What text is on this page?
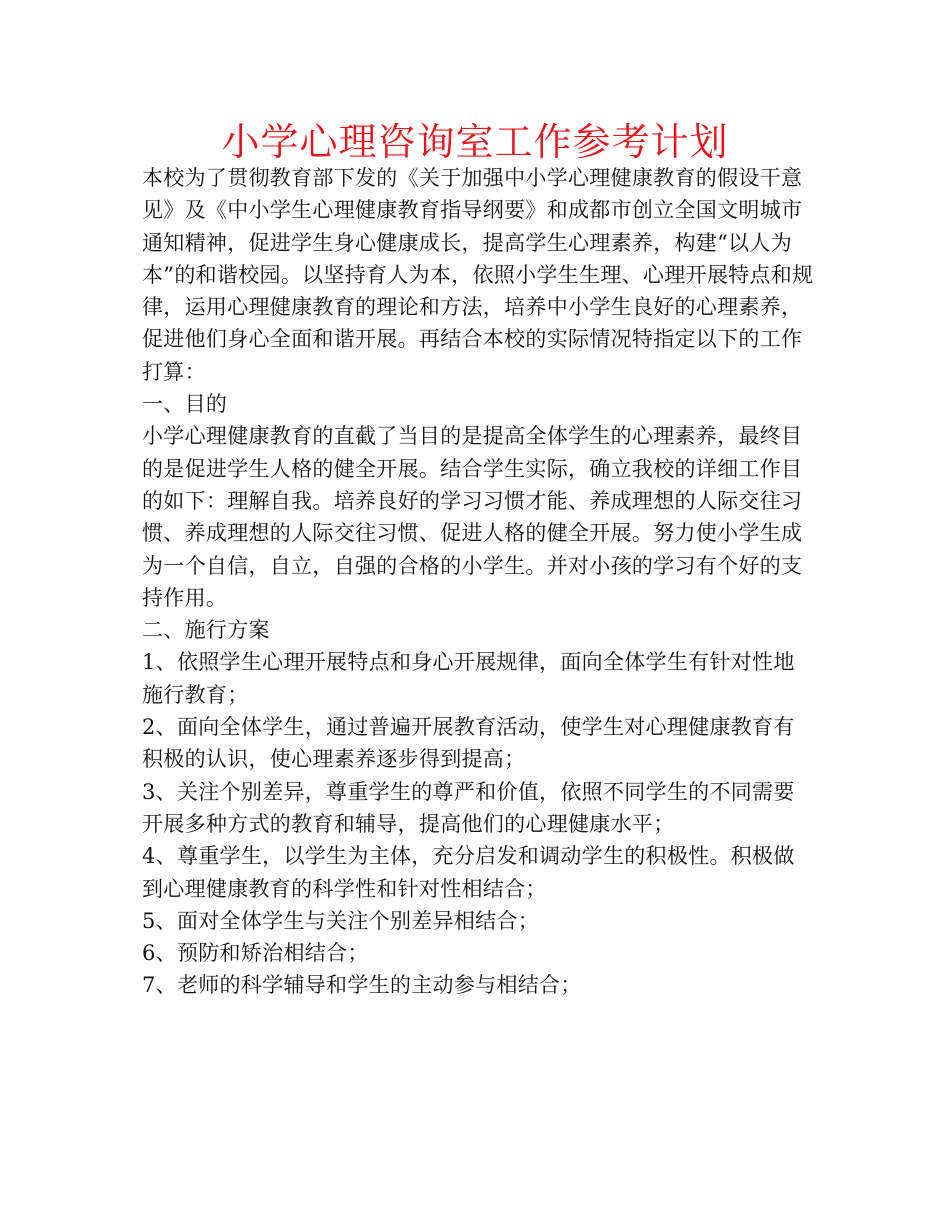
小学心理咨询室工作参考计划

本校为了贯彻教育部下发的《关于加强中小学心理健康教育的假设干意见》及《中小学生心理健康教育指导纲要》和成都市创立全国文明城市通知精神，促进学生身心健康成长，提高学生心理素养，构建“以人为本”的和谐校园。以坚持育人为本，依照小学生生理、心理开展特点和规律，运用心理健康教育的理论和方法，培养中小学生良好的心理素养，促进他们身心全面和谐开展。再结合本校的实际情况特指定以下的工作打算：

一、目的

小学心理健康教育的直截了当目的是提高全体学生的心理素养，最终目的是促进学生人格的健全开展。结合学生实际，确立我校的详细工作目的如下：理解自我。培养良好的学习习惯才能、养成理想的人际交往习惯、养成理想的人际交往习惯、促进人格的健全开展。努力使小学生成为一个自信，自立，自强的合格的小学生。并对小孩的学习有个好的支持作用。

二、施行方案

1、依照学生心理开展特点和身心开展规律，面向全体学生有针对性地施行教育；

2、面向全体学生，通过普遍开展教育活动，使学生对心理健康教育有积极的认识，使心理素养逐步得到提高；

3、关注个别差异，尊重学生的尊严和价值，依照不同学生的不同需要开展多种方式的教育和辅导，提高他们的心理健康水平；

4、尊重学生，以学生为主体，充分启发和调动学生的积极性。积极做到心理健康教育的科学性和针对性相结合；

5、面对全体学生与关注个别差异相结合；

6、预防和矫治相结合；

7、老师的科学辅导和学生的主动参与相结合；
